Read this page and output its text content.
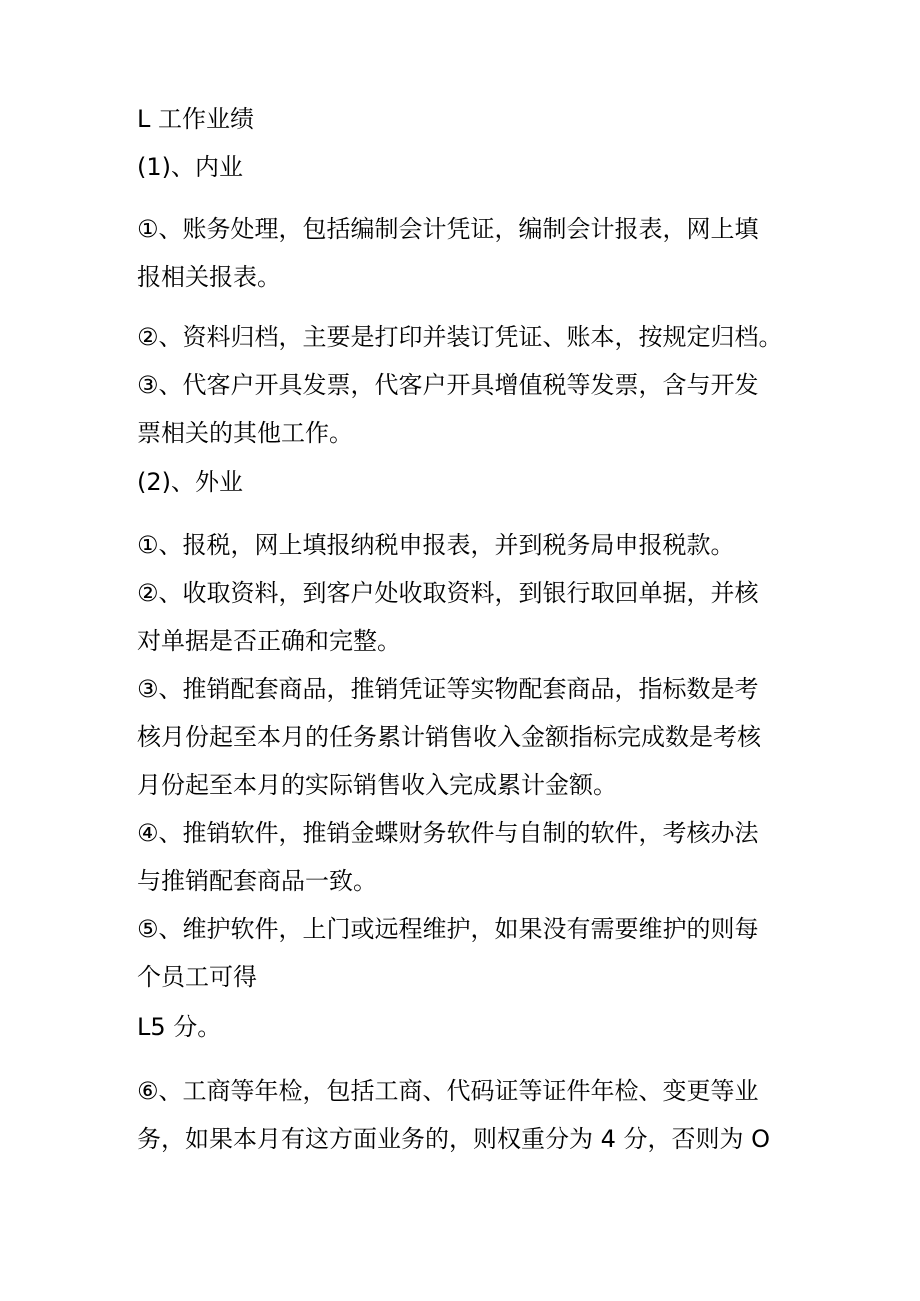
L 工作业绩

(1)、内业

①、账务处理，包括编制会计凭证，编制会计报表，网上填

报相关报表。

②、资料归档，主要是打印并装订凭证、账本，按规定归档。

③、代客户开具发票，代客户开具增值税等发票，含与开发

票相关的其他工作。

(2)、外业

①、报税，网上填报纳税申报表，并到税务局申报税款。

②、收取资料，到客户处收取资料，到银行取回单据，并核

对单据是否正确和完整。

③、推销配套商品，推销凭证等实物配套商品，指标数是考

核月份起至本月的任务累计销售收入金额指标完成数是考核

月份起至本月的实际销售收入完成累计金额。

④、推销软件，推销金蝶财务软件与自制的软件，考核办法

与推销配套商品一致。

⑤、维护软件，上门或远程维护，如果没有需要维护的则每

个员工可得

L5 分。

⑥、工商等年检，包括工商、代码证等证件年检、变更等业

务，如果本月有这方面业务的，则权重分为 4 分，否则为 O
